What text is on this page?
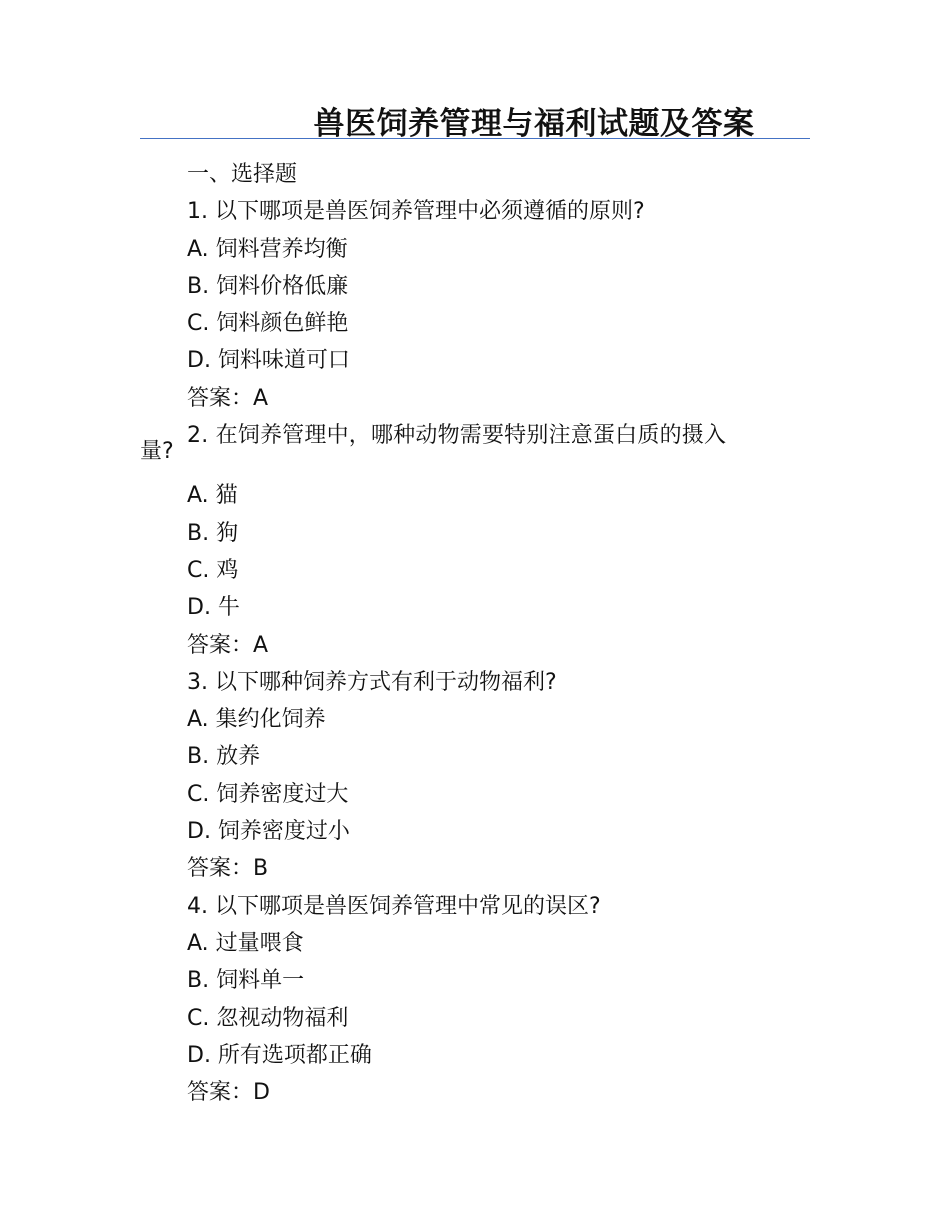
兽医饲养管理与福利试题及答案
一、选择题
1. 以下哪项是兽医饲养管理中必须遵循的原则?
A. 饲料营养均衡
B. 饲料价格低廉
C. 饲料颜色鲜艳
D. 饲料味道可口
答案：A
2. 在饲养管理中，哪种动物需要特别注意蛋白质的摄入
量?
A. 猫
B. 狗
C. 鸡
D. 牛
答案：A
3. 以下哪种饲养方式有利于动物福利?
A. 集约化饲养
B. 放养
C. 饲养密度过大
D. 饲养密度过小
答案：B
4. 以下哪项是兽医饲养管理中常见的误区?
A. 过量喂食
B. 饲料单一
C. 忽视动物福利
D. 所有选项都正确
答案：D
